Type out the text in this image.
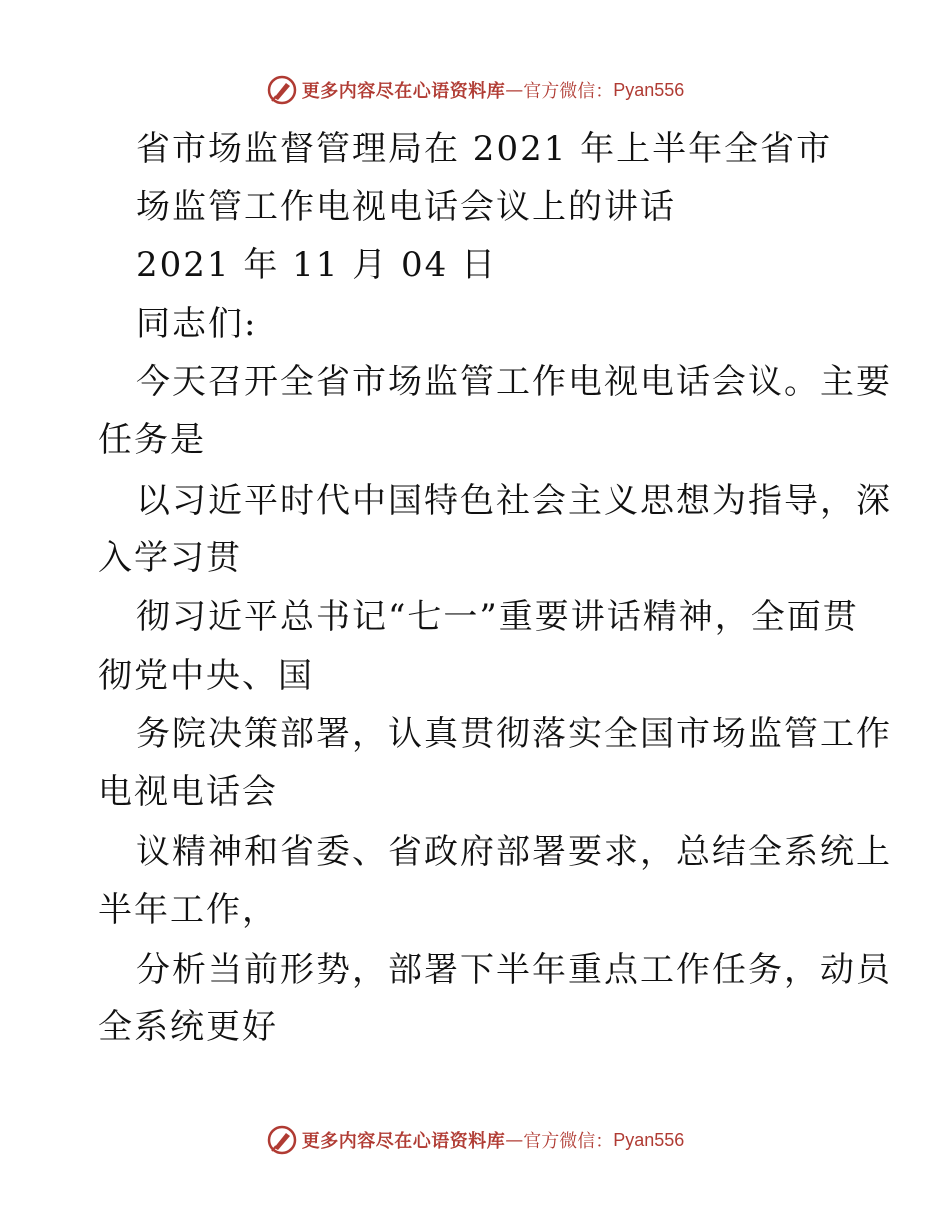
更多内容尽在心语资料库 — 官方微信： Pyan556
省市场监督管理局在 2021 年上半年全省市
场监管工作电视电话会议上的讲话
2021 年 11 月 04 日
同志们:
今天召开全省市场监管工作电视电话会议。主要
任务是
以习近平时代中国特色社会主义思想为指导，深
入学习贯
彻习近平总书记“七一”重要讲话精神，全面贯
彻党中央、国
务院决策部署，认真贯彻落实全国市场监管工作
电视电话会
议精神和省委、省政府部署要求，总结全系统上
半年工作，
分析当前形势，部署下半年重点工作任务，动员
全系统更好
更多内容尽在心语资料库 — 官方微信： Pyan556
